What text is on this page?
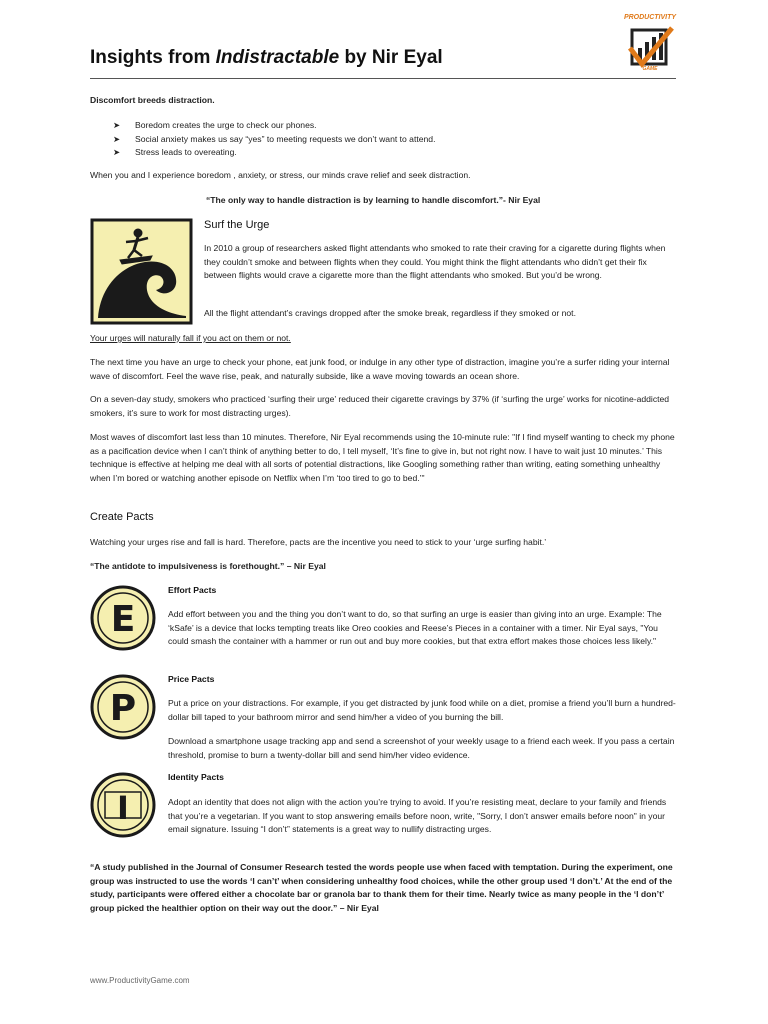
Insights from Indistractable by Nir Eyal
PRODUCTIVITY
GAME
Discomfort breeds distraction.
➤ Boredom creates the urge to check our phones.
➤ Social anxiety makes us say “yes” to meeting requests we don’t want to attend.
➤ Stress leads to overeating.
When you and I experience boredom , anxiety, or stress, our minds crave relief and seek distraction.
“The only way to handle distraction is by learning to handle discomfort.”- Nir Eyal
Surf the Urge
In 2010 a group of researchers asked flight attendants who smoked to rate their craving for a cigarette during flights when they couldn’t smoke and between flights when they could. You might think the flight attendants who didn’t get their fix between flights would crave a cigarette more than the flight attendants who smoked. But you’d be wrong.
All the flight attendant’s cravings dropped after the smoke break, regardless if they smoked or not.
Your urges will naturally fall if you act on them or not.
The next time you have an urge to check your phone, eat junk food, or indulge in any other type of distraction, imagine you’re a surfer riding your internal wave of discomfort. Feel the wave rise, peak, and naturally subside, like a wave moving towards an ocean shore.
On a seven-day study, smokers who practiced ‘surfing their urge’ reduced their cigarette cravings by 37% (if ‘surfing the urge’ works for nicotine-addicted smokers, it’s sure to work for most distracting urges).
Most waves of discomfort last less than 10 minutes. Therefore, Nir Eyal recommends using the 10-minute rule: "If I find myself wanting to check my phone as a pacification device when I can’t think of anything better to do, I tell myself, ‘It’s fine to give in, but not right now. I have to wait just 10 minutes.’ This technique is effective at helping me deal with all sorts of potential distractions, like Googling something rather than writing, eating something unhealthy when I’m bored or watching another episode on Netflix when I’m ‘too tired to go to bed.’"
Create Pacts
Watching your urges rise and fall is hard. Therefore, pacts are the incentive you need to stick to your ‘urge surfing habit.’
“The antidote to impulsiveness is forethought.” – Nir Eyal
E
Effort Pacts
Add effort between you and the thing you don’t want to do, so that surfing an urge is easier than giving into an urge. Example: The ‘kSafe’ is a device that locks tempting treats like Oreo cookies and Reese’s Pieces in a container with a timer. Nir Eyal says, "You could smash the container with a hammer or run out and buy more cookies, but that extra effort makes those choices less likely."
P
Price Pacts
Put a price on your distractions. For example, if you get distracted by junk food while on a diet, promise a friend you’ll burn a hundred-dollar bill taped to your bathroom mirror and send him/her a video of you burning the bill.
Download a smartphone usage tracking app and send a screenshot of your weekly usage to a friend each week. If you pass a certain threshold, promise to burn a twenty-dollar bill and send him/her video evidence.
I
Identity Pacts
Adopt an identity that does not align with the action you’re trying to avoid. If you’re resisting meat, declare to your family and friends that you’re a vegetarian. If you want to stop answering emails before noon, write, "Sorry, I don’t answer emails before noon" in your email signature. Issuing “I don’t” statements is a great way to nullify distracting urges.
“A study published in the Journal of Consumer Research tested the words people use when faced with temptation. During the experiment, one group was instructed to use the words ‘I can’t’ when considering unhealthy food choices, while the other group used ‘I don’t.’ At the end of the study, participants were offered either a chocolate bar or granola bar to thank them for their time. Nearly twice as many people in the ‘I don’t’ group picked the healthier option on their way out the door.” – Nir Eyal
www.ProductivityGame.com
